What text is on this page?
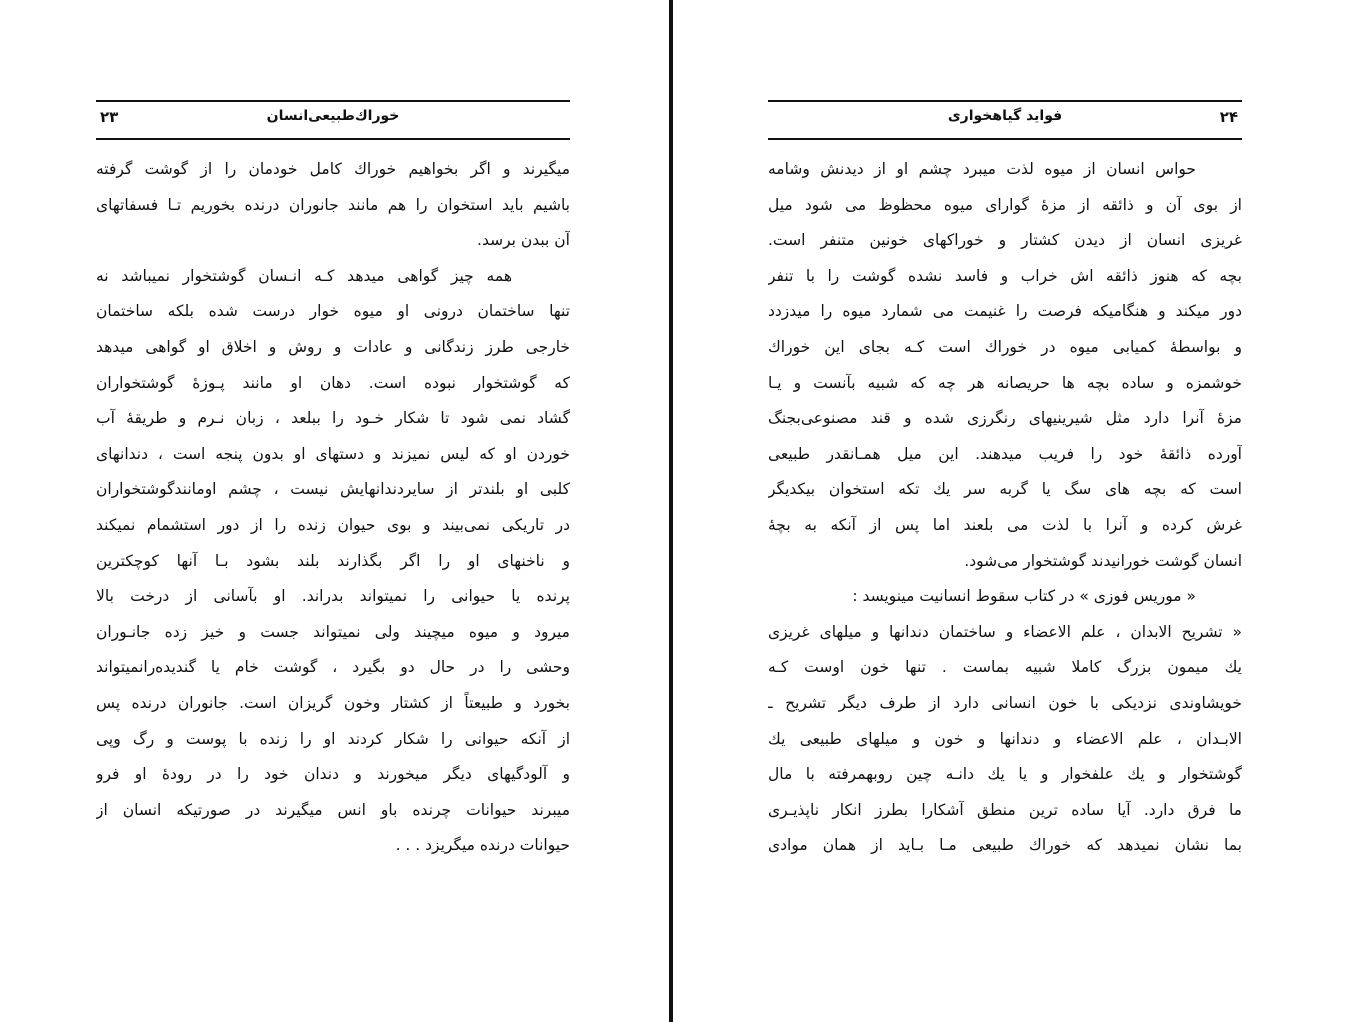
۲۳	خوراك‌طبیعی‌انسان
میگیرند و اگر بخواهیم خوراك كامل خودمان را از گوشت گرفته
باشیم باید استخوان را هم مانند جانوران درنده بخوریم تـا فسفاتهای
آن ببدن برسد.
همه چیز گواهی میدهد کـه انـسان گوشتخوار نمیباشد نه
تنها ساختمان درونی او میوه خوار درست شده بلکه ساختمان
خارجی طرز زندگانی و عادات و روش و اخلاق او گواهی میدهد
که گوشتخوار نبوده است. دهان او مانند پـوزهٔ گوشتخواران
گشاد نمی شود تا شکار خـود را ببلعد ، زبان نـرم و طریقهٔ آب
خوردن او که لیس نمیزند و دستهای او بدون پنجه است ، دندانهای
کلبی او بلندتر از سایردندانهایش نیست ، چشم اومانندگوشتخواران
در تاریکی نمی‌بیند و بوی حیوان زنده را از دور استشمام نمیکند
و ناخنهای او را اگر بگذارند بلند بشود بـا آنها کوچکترین
پرنده یا حیوانی را نمیتواند بدراند. او بآسانی از درخت بالا
میرود و میوه میچیند ولی نمیتواند جست و خیز زده جانـوران
وحشی را در حال دو بگیرد ، گوشت خام یا گندیده‌رانمیتواند
بخورد و طبیعتاً از کشتار وخون گریزان است. جانوران درنده پس
از آنکه حیوانی را شکار کردند او را زنده با پوست و رگ وپی
و آلودگیهای دیگر میخورند و دندان خود را در رودهٔ او فرو
میبرند حیوانات چرنده باو انس میگیرند در صورتیکه انسان از
حیوانات درنده میگریزد . . .
۲۴
فواید گیاهخواری
حواس انسان از میوه لذت میبرد چشم او از دیدنش وشامه
از بوی آن و ذائقه از مزهٔ گوارای میوه محظوظ می شود میل
غریزی انسان از دیدن کشتار و خوراکهای خونین متنفر است.
بچه که هنوز ذائقه اش خراب و فاسد نشده گوشت را با تنفر
دور میکند و هنگامیکه فرصت را غنیمت می شمارد میوه را میدزدد
و بواسطهٔ کمیابی میوه در خوراك است کـه بجای این خوراك
خوشمزه و ساده بچه ها حریصانه هر چه که شبیه بآنست و یـا
مزهٔ آنرا دارد مثل شیرینیهای رنگرزی شده و قند مصنوعی‌بجنگ
آورده ذائقهٔ خود را فریب میدهند. این میل همـانقدر طبیعی
است که بچه های سگ یا گربه سر یك تکه استخوان بیکدیگر
غرش کرده و آنرا با لذت می بلعند اما پس از آنکه به بچهٔ
انسان گوشت خورانیدند گوشتخوار می‌شود.
« موریس فوزی » در کتاب سقوط انسانیت مینویسد :
« تشریح الابدان ، علم الاعضاء و ساختمان دندانها و میلهای غریزی
یك میمون بزرگ کاملا شبیه بماست . تنها خون اوست کـه
خویشاوندی نزدیکی با خون انسانی دارد از طرف دیگر تشریح ـ
الابـدان ، علم الاعضاء و دندانها و خون و میلهای طبیعی یك
گوشتخوار و یك علفخوار و یا یك دانـه چین روبهمرفته با مال
ما فرق دارد. آیا ساده ترین منطق آشکارا بطرز انکار ناپذیـری
بما نشان نمیدهد که خوراك طبیعی مـا بـاید از همان موادی
